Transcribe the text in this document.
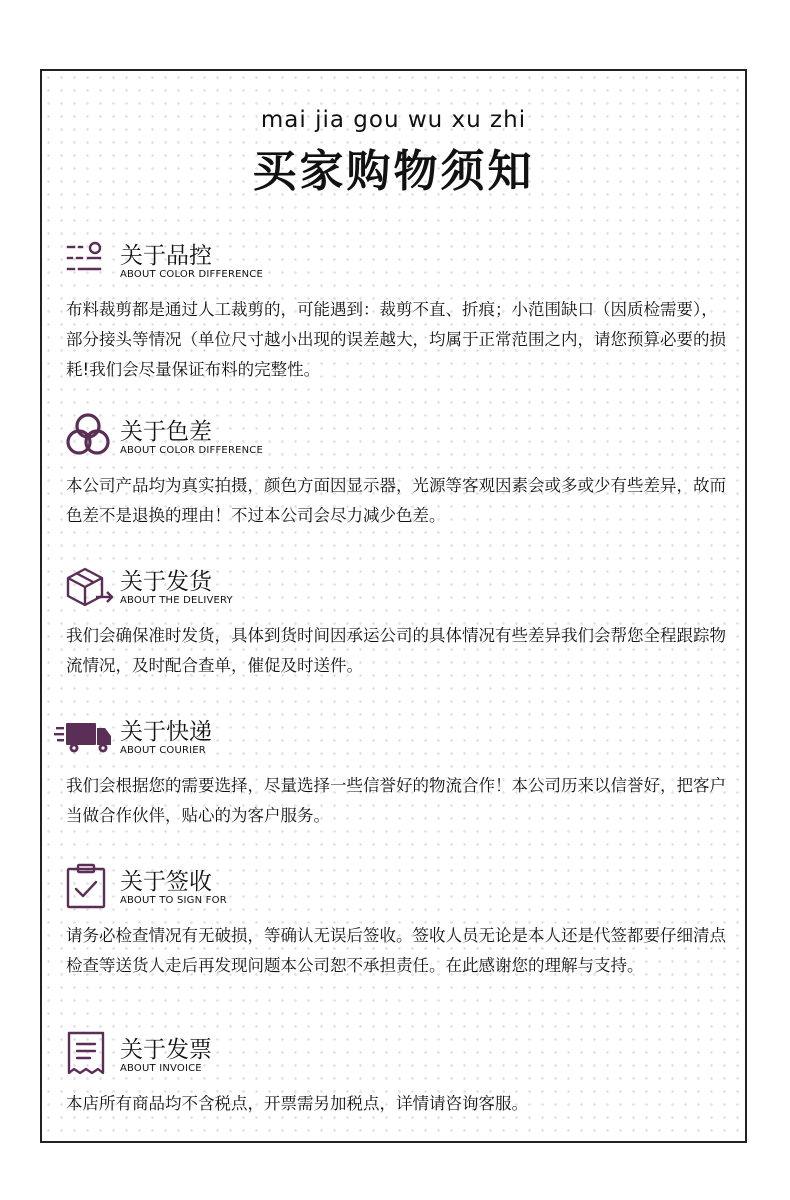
mai jia gou wu xu zhi
买家购物须知
关于品控
ABOUT COLOR DIFFERENCE
布料裁剪都是通过人工裁剪的，可能遇到：裁剪不直、折痕；小范围缺口（因质检需要），部分接头等情况（单位尺寸越小出现的误差越大，均属于正常范围之内，请您预算必要的损耗!我们会尽量保证布料的完整性。
关于色差
ABOUT COLOR DIFFERENCE
本公司产品均为真实拍摄，颜色方面因显示器，光源等客观因素会或多或少有些差异，故而色差不是退换的理由！不过本公司会尽力减少色差。
关于发货
ABOUT THE DELIVERY
我们会确保准时发货，具体到货时间因承运公司的具体情况有些差异我们会帮您全程跟踪物流情况，及时配合查单，催促及时送件。
关于快递
ABOUT COURIER
我们会根据您的需要选择，尽量选择一些信誉好的物流合作！本公司历来以信誉好，把客户当做合作伙伴，贴心的为客户服务。
关于签收
ABOUT TO SIGN FOR
请务必检查情况有无破损，等确认无误后签收。签收人员无论是本人还是代签都要仔细清点检查等送货人走后再发现问题本公司恕不承担责任。在此感谢您的理解与支持。
关于发票
ABOUT INVOICE
本店所有商品均不含税点，开票需另加税点，详情请咨询客服。
